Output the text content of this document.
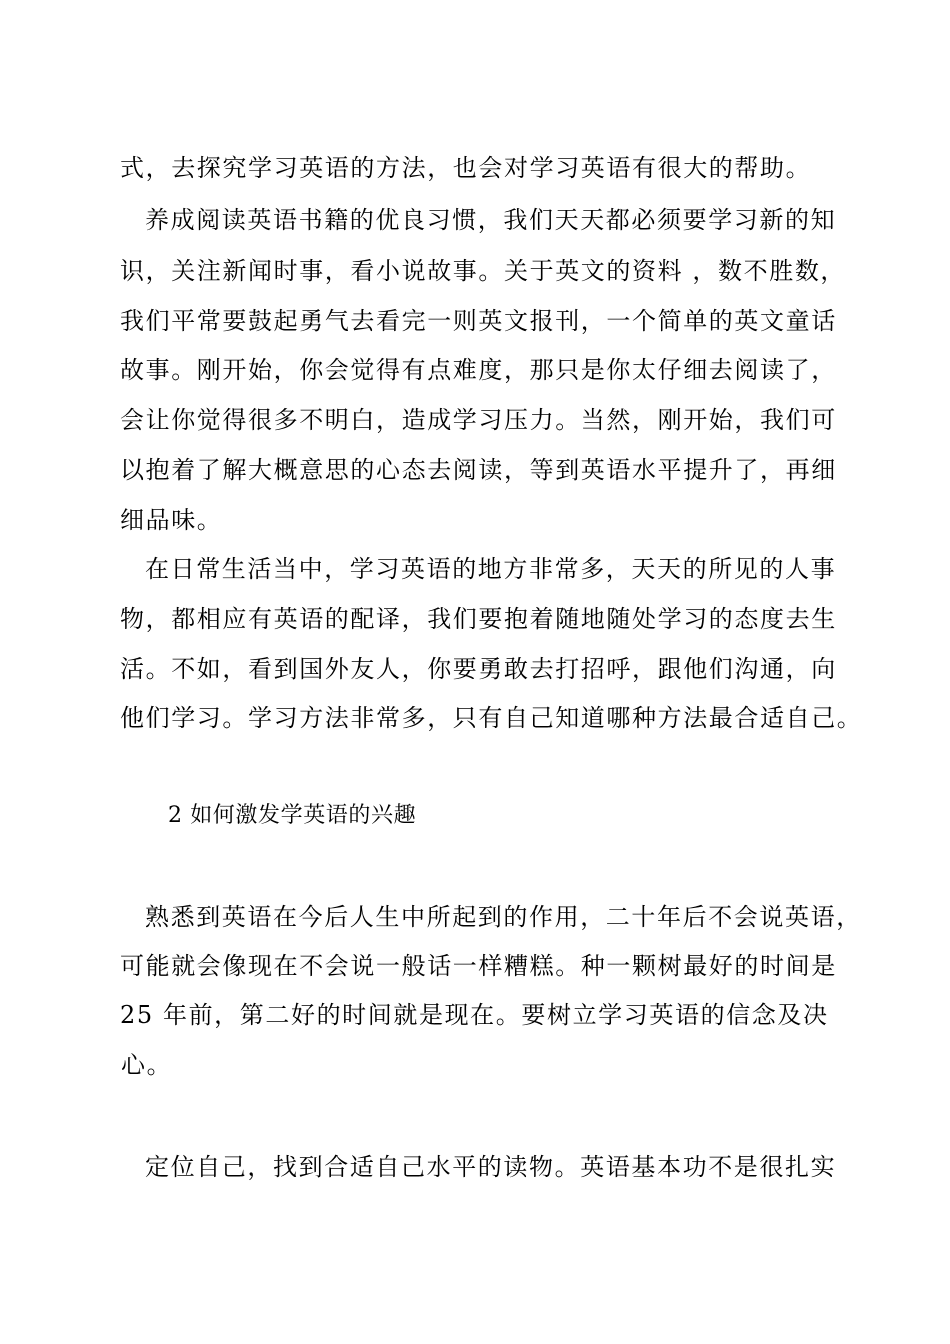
式，去探究学习英语的方法，也会对学习英语有很大的帮助。
养成阅读英语书籍的优良习惯，我们天天都必须要学习新的知
识，关注新闻时事，看小说故事。关于英文的资料 ，数不胜数，
我们平常要鼓起勇气去看完一则英文报刊，一个简单的英文童话
故事。刚开始，你会觉得有点难度，那只是你太仔细去阅读了，
会让你觉得很多不明白，造成学习压力。当然，刚开始，我们可
以抱着了解大概意思的心态去阅读，等到英语水平提升了，再细
细品味。
在日常生活当中，学习英语的地方非常多，天天的所见的人事
物，都相应有英语的配译，我们要抱着随地随处学习的态度去生
活。不如，看到国外友人，你要勇敢去打招呼，跟他们沟通，向
他们学习。学习方法非常多，只有自己知道哪种方法最合适自己。
2 如何激发学英语的兴趣
熟悉到英语在今后人生中所起到的作用，二十年后不会说英语，
可能就会像现在不会说一般话一样糟糕。种一颗树最好的时间是
25 年前，第二好的时间就是现在。要树立学习英语的信念及决
心。
定位自己，找到合适自己水平的读物。英语基本功不是很扎实
